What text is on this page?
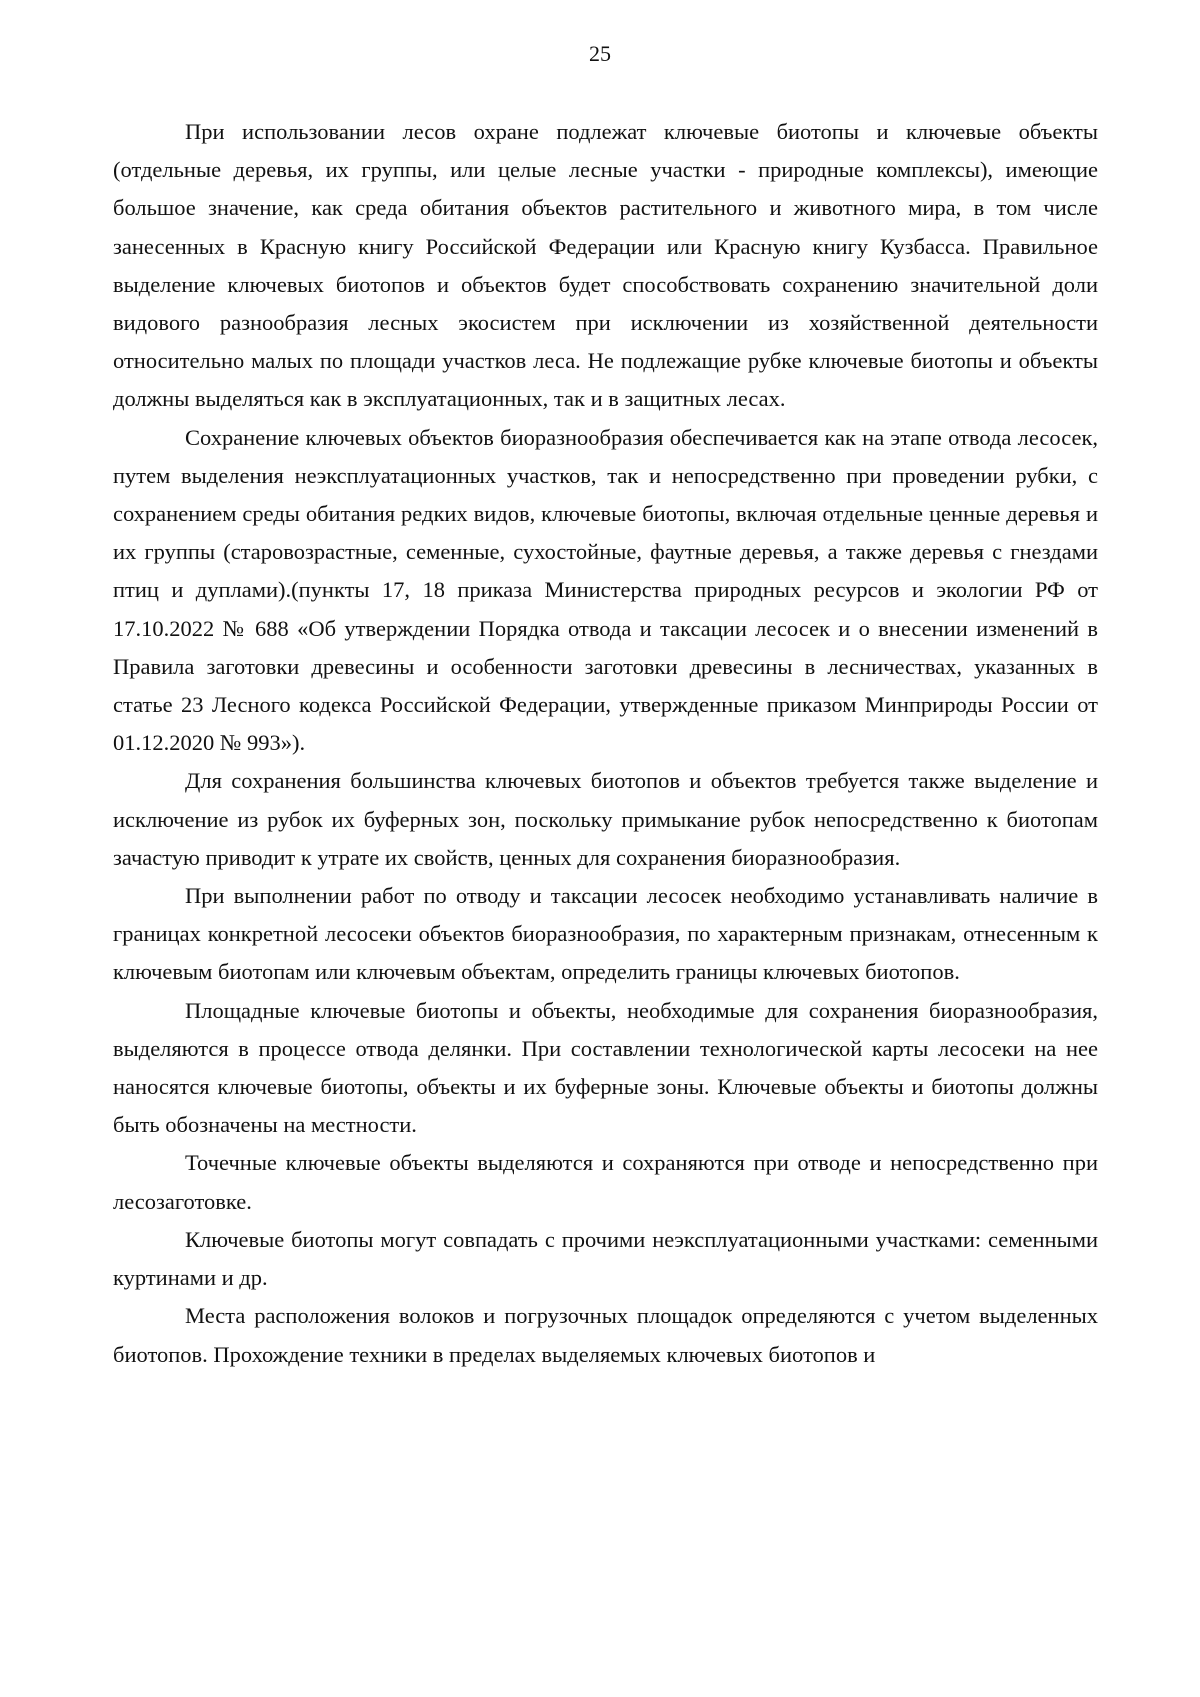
25

При использовании лесов охране подлежат ключевые биотопы и ключевые объекты (отдельные деревья, их группы, или целые лесные участки - природные комплексы), имеющие большое значение, как среда обитания объектов растительного и животного мира, в том числе занесенных в Красную книгу Российской Федерации или Красную книгу Кузбасса. Правильное выделение ключевых биотопов и объектов будет способствовать сохранению значительной доли видового разнообразия лесных экосистем при исключении из хозяйственной деятельности относительно малых по площади участков леса. Не подлежащие рубке ключевые биотопы и объекты должны выделяться как в эксплуатационных, так и в защитных лесах.

Сохранение ключевых объектов биоразнообразия обеспечивается как на этапе отвода лесосек, путем выделения неэксплуатационных участков, так и непосредственно при проведении рубки, с сохранением среды обитания редких видов, ключевые биотопы, включая отдельные ценные деревья и их группы (старовозрастные, семенные, сухостойные, фаутные деревья, а также деревья с гнездами птиц и дуплами).(пункты 17, 18 приказа Министерства природных ресурсов и экологии РФ от 17.10.2022 № 688 «Об утверждении Порядка отвода и таксации лесосек и о внесении изменений в Правила заготовки древесины и особенности заготовки древесины в лесничествах, указанных в статье 23 Лесного кодекса Российской Федерации, утвержденные приказом Минприроды России от 01.12.2020 № 993»).

Для сохранения большинства ключевых биотопов и объектов требуется также выделение и исключение из рубок их буферных зон, поскольку примыкание рубок непосредственно к биотопам зачастую приводит к утрате их свойств, ценных для сохранения биоразнообразия.

При выполнении работ по отводу и таксации лесосек необходимо устанавливать наличие в границах конкретной лесосеки объектов биоразнообразия, по характерным признакам, отнесенным к ключевым биотопам или ключевым объектам, определить границы ключевых биотопов.

Площадные ключевые биотопы и объекты, необходимые для сохранения биоразнообразия, выделяются в процессе отвода делянки. При составлении технологической карты лесосеки на нее наносятся ключевые биотопы, объекты и их буферные зоны. Ключевые объекты и биотопы должны быть обозначены на местности.

Точечные ключевые объекты выделяются и сохраняются при отводе и непосредственно при лесозаготовке.

Ключевые биотопы могут совпадать с прочими неэксплуатационными участками: семенными куртинами и др.

Места расположения волоков и погрузочных площадок определяются с учетом выделенных биотопов. Прохождение техники в пределах выделяемых ключевых биотопов и
